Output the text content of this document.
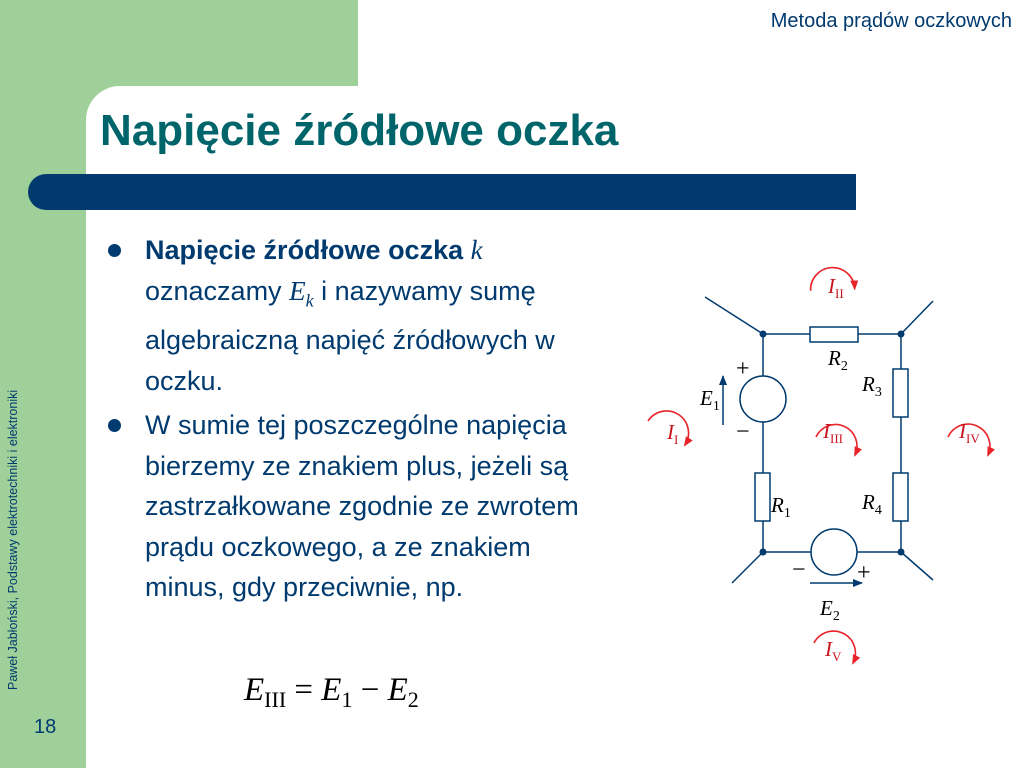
Metoda prądów oczkowych
Napięcie źródłowe oczka
Paweł Jabłoński, Podstawy elektrotechniki i elektroniki
18
Napięcie źródłowe oczka k
oznaczamy $E_k$ i nazywamy sumę algebraiczną napięć źródłowych w oczku.
W sumie tej poszczególne napięcia bierzemy ze znakiem plus, jeżeli są zastrzałkowane zgodnie ze zwrotem prądu oczkowego, a ze znakiem minus, gdy przeciwnie, np.
$E_{III} = E_1 - E_2$
$R_2$
$R_3$
$R_1$	$R_4$
$E_1$
$E_2$
+
−
− +
$I_{II}$
$I_I$	$I_{III}$	$I_{IV}$
$I_V$
